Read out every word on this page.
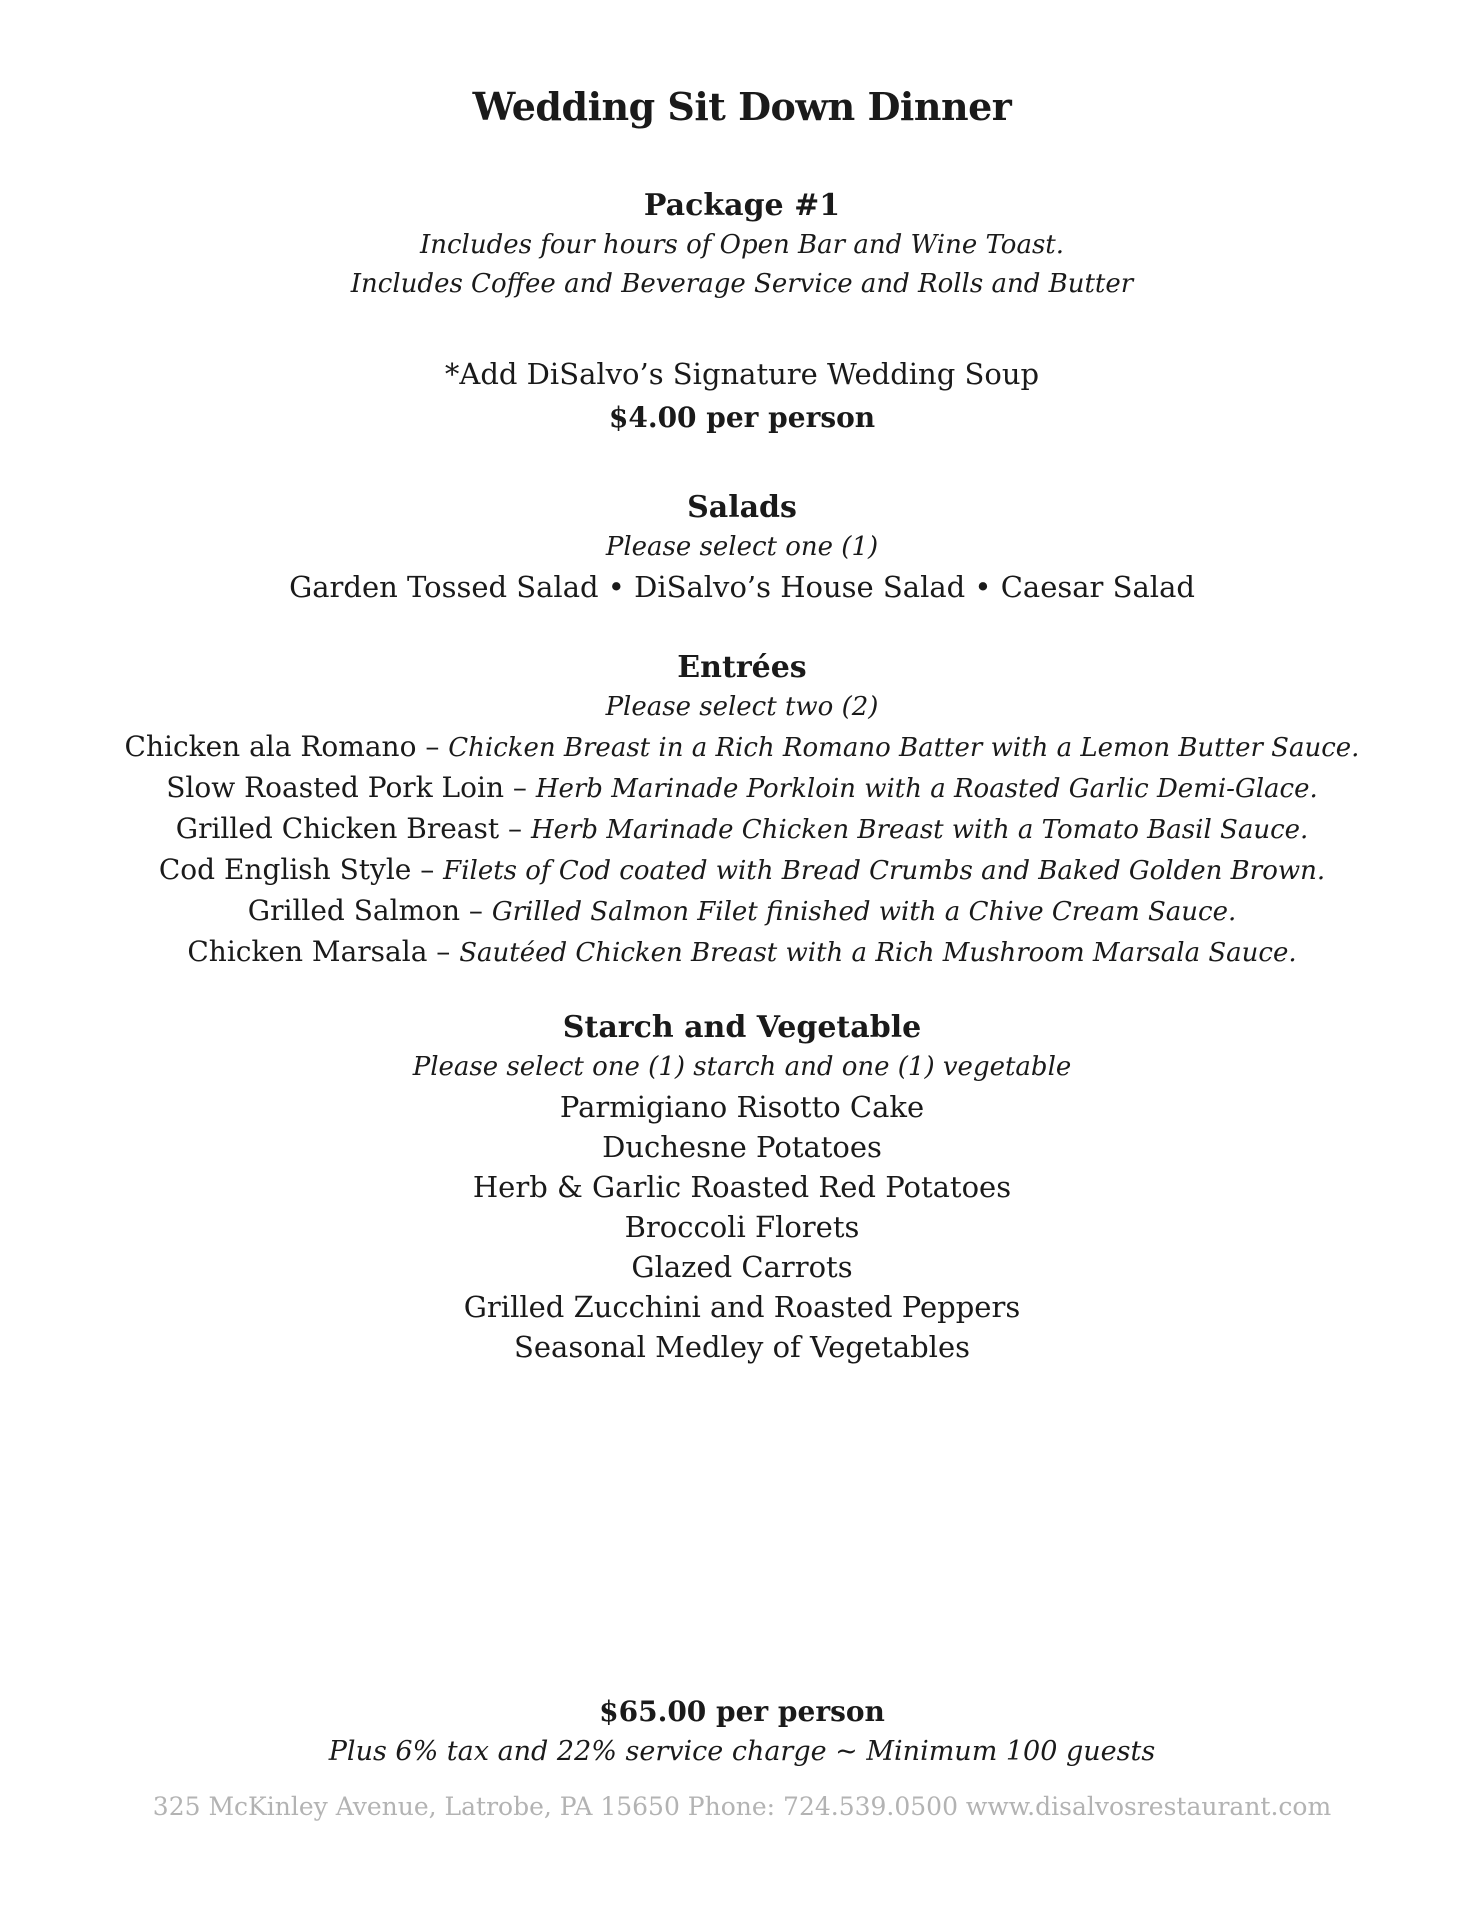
Wedding Sit Down Dinner

Package #1

Includes four hours of Open Bar and Wine Toast.

Includes Coffee and Beverage Service and Rolls and Butter

*Add DiSalvo’s Signature Wedding Soup

$4.00 per person

Salads

Please select one (1)

Garden Tossed Salad • DiSalvo’s House Salad • Caesar Salad

Entrées

Please select two (2)

Chicken ala Romano – Chicken Breast in a Rich Romano Batter with a Lemon Butter Sauce.

Slow Roasted Pork Loin – Herb Marinade Porkloin with a Roasted Garlic Demi-Glace.

Grilled Chicken Breast – Herb Marinade Chicken Breast with a Tomato Basil Sauce.

Cod English Style – Filets of Cod coated with Bread Crumbs and Baked Golden Brown.

Grilled Salmon – Grilled Salmon Filet finished with a Chive Cream Sauce.

Chicken Marsala – Sautéed Chicken Breast with a Rich Mushroom Marsala Sauce.

Starch and Vegetable

Please select one (1) starch and one (1) vegetable

Parmigiano Risotto Cake

Duchesne Potatoes

Herb & Garlic Roasted Red Potatoes

Broccoli Florets

Glazed Carrots

Grilled Zucchini and Roasted Peppers

Seasonal Medley of Vegetables

$65.00 per person

Plus 6% tax and 22% service charge ~ Minimum 100 guests

325 McKinley Avenue, Latrobe, PA 15650 Phone: 724.539.0500 www.disalvosrestaurant.com
